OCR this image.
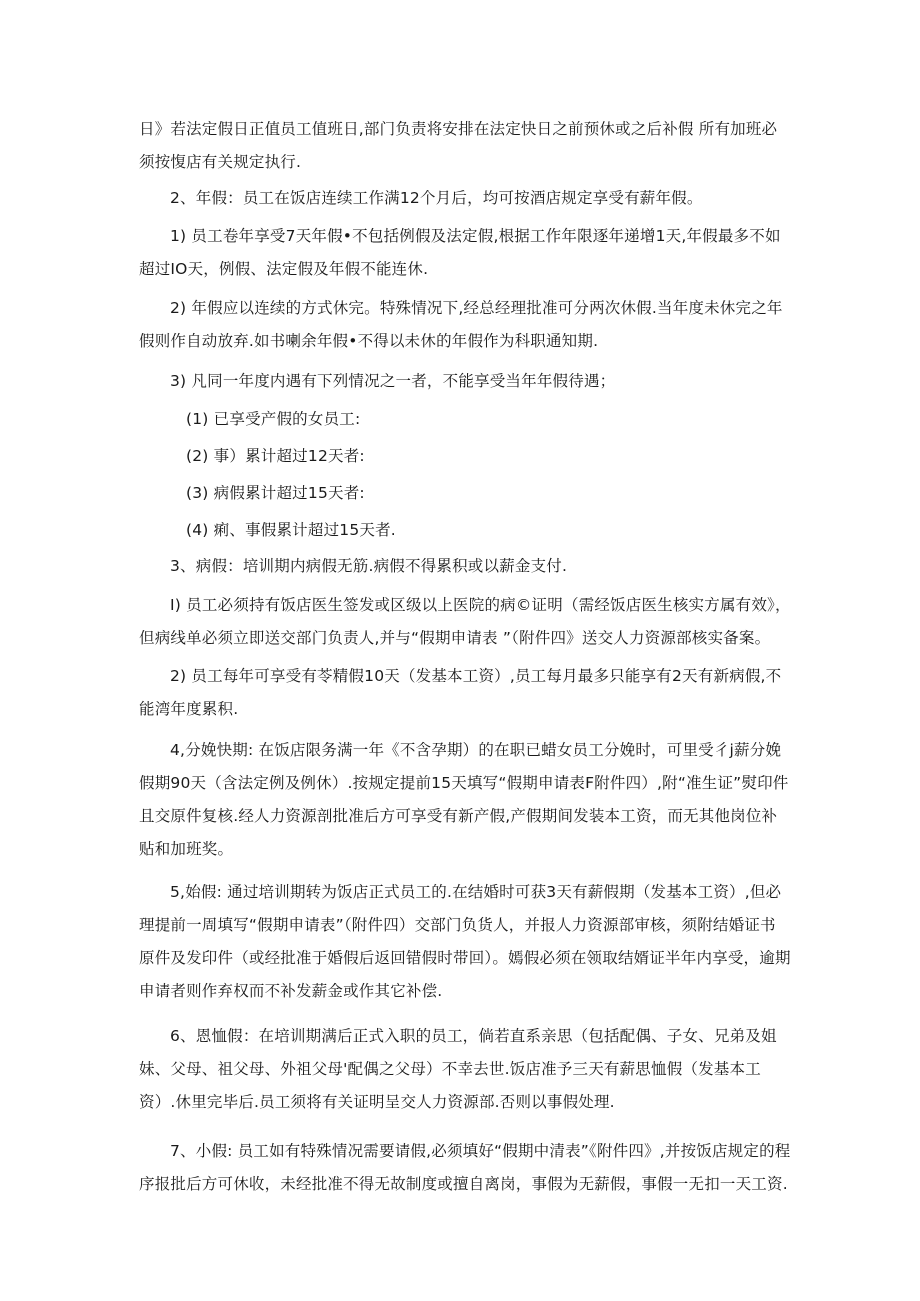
日》若法定假日正值员工值班日,部门负责将安排在法定快日之前预休或之后补假 所有加班必须按愎店有关规定执行.
2、年假：员工在饭店连续工作满12个月后，均可按酒店规定享受有薪年假。
1) 员工卷年享受7天年假•不包括例假及法定假,根据工作年限逐年递增1天,年假最多不如超过IO天，例假、法定假及年假不能连休.
2) 年假应以连续的方式休完。特殊情况下,经总经理批准可分两次休假.当年度未休完之年假则作自动放弃.如书喇余年假•不得以未休的年假作为科职通知期.
3) 凡同一年度内遇有下列情况之一者，不能享受当年年假待遇；
(1) 已享受产假的女员工:
(2) 事）累计超过12天者:
(3) 病假累计超过15天者:
(4) 痢、事假累计超过15天者.
3、病假：培训期内病假无筋.病假不得累积或以薪金支付.
I) 员工必须持有饭店医生签发或区级以上医院的病©证明（需经饭店医生核实方属有效》，但病线单必须立即送交部门负责人,并与“假期申请表 ”（附件四》送交人力资源部核实备案。
2) 员工每年可享受有苓精假10天（发基本工资）,员工每月最多只能享有2天有新病假,不能湾年度累积.
4,分娩快期: 在饭店限务满一年《不含孕期）的在职已蜡女员工分娩时，可里受彳j薪分娩假期90天（含法定例及例休）.按规定提前15天填写“假期申请表F附件四）,附“准生证”熨印件且交原件复核.经人力资源剖批准后方可享受有新产假,产假期间发装本工资，而无其他岗位补贴和加班奖。
5,始假: 通过培训期转为饭店正式员工的.在结婚时可获3天有薪假期（发基本工资）,但必理提前一周填写“假期申请表”（附件四）交部门负货人，并报人力资源部审核，须附结婚证书原件及发印件（或经批准于婚假后返回错假时带回）。嫣假必须在领取结婿证半年内享受，逾期申请者则作弃权而不补发薪金或作其它补偿.
6、恩恤假：在培训期满后正式入职的员工，倘若直系亲思（包括配偶、子女、兄弟及姐妹、父母、祖父母、外祖父母'配偶之父母）不幸去世.饭店准予三天有薪思恤假（发基本工资）.休里完毕后.员工须将有关证明呈交人力资源部.否则以事假处理.
7、小假: 员工如有特殊情况需要请假,必须填好“假期中清表”《附件四》,并按饭店规定的程序报批后方可休收，未经批准不得无故制度或擅自离岗，事假为无薪假，事假一无扣一天工资.
